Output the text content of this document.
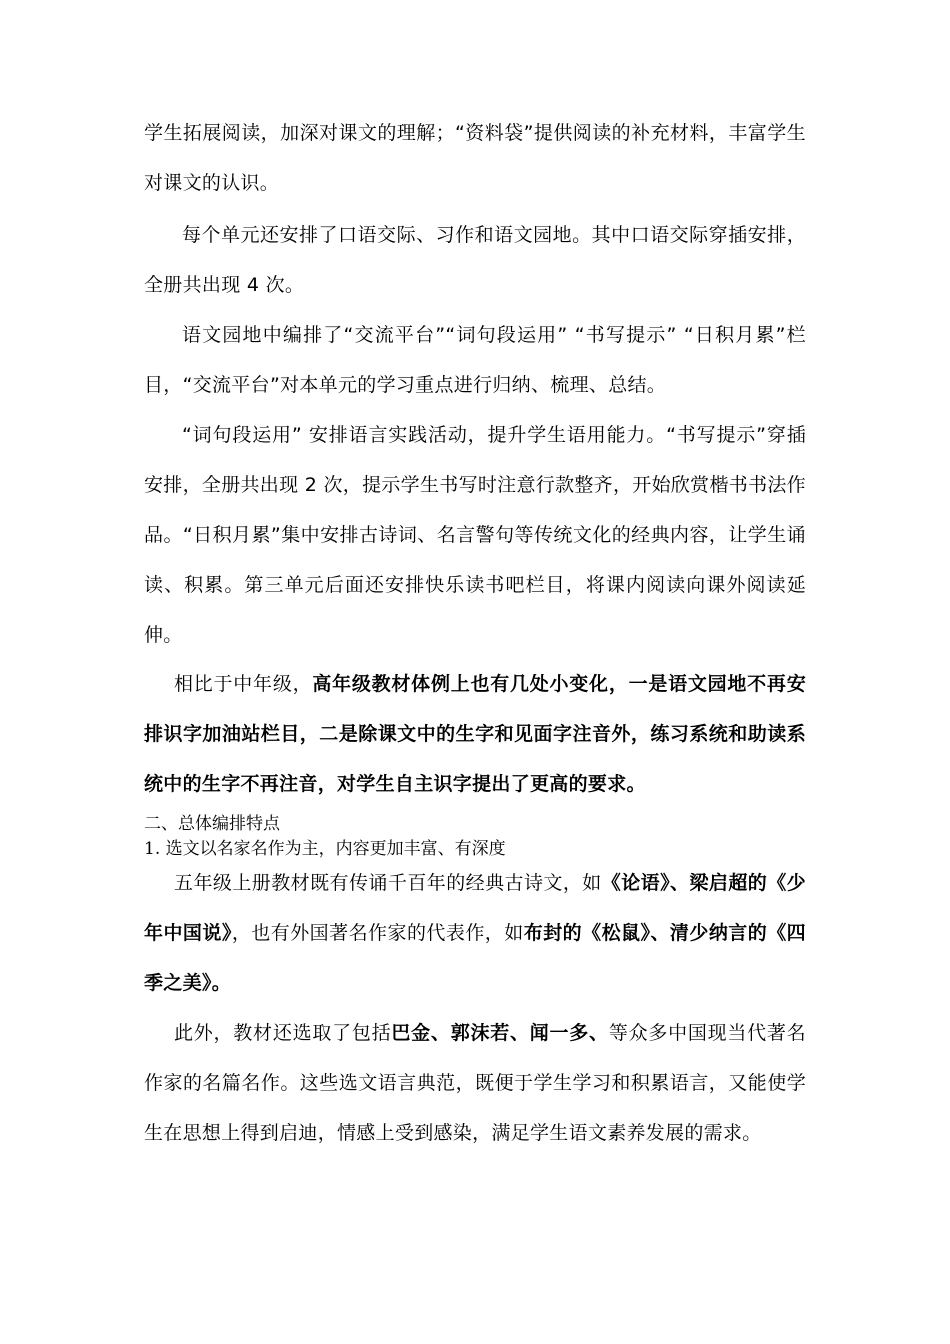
学生拓展阅读，加深对课文的理解；“资料袋”提供阅读的补充材料，丰富学生对课文的认识。

每个单元还安排了口语交际、习作和语文园地。其中口语交际穿插安排，全册共出现 4 次。

语文园地中编排了“交流平台”“词句段运用” “书写提示” “日积月累”栏目，“交流平台”对本单元的学习重点进行归纳、梳理、总结。

“词句段运用” 安排语言实践活动，提升学生语用能力。“书写提示”穿插安排，全册共出现 2 次，提示学生书写时注意行款整齐，开始欣赏楷书书法作品。“日积月累”集中安排古诗词、名言警句等传统文化的经典内容，让学生诵读、积累。第三单元后面还安排快乐读书吧栏目，将课内阅读向课外阅读延伸。

相比于中年级，高年级教材体例上也有几处小变化，一是语文园地不再安排识字加油站栏目，二是除课文中的生字和见面字注音外，练习系统和助读系统中的生字不再注音，对学生自主识字提出了更高的要求。

二、总体编排特点
1. 选文以名家名作为主，内容更加丰富、有深度

五年级上册教材既有传诵千百年的经典古诗文，如《论语》、梁启超的《少年中国说》，也有外国著名作家的代表作，如布封的《松鼠》、清少纳言的《四季之美》。

此外，教材还选取了包括巴金、郭沫若、闻一多、等众多中国现当代著名作家的名篇名作。这些选文语言典范，既便于学生学习和积累语言，又能使学生在思想上得到启迪，情感上受到感染，满足学生语文素养发展的需求。
